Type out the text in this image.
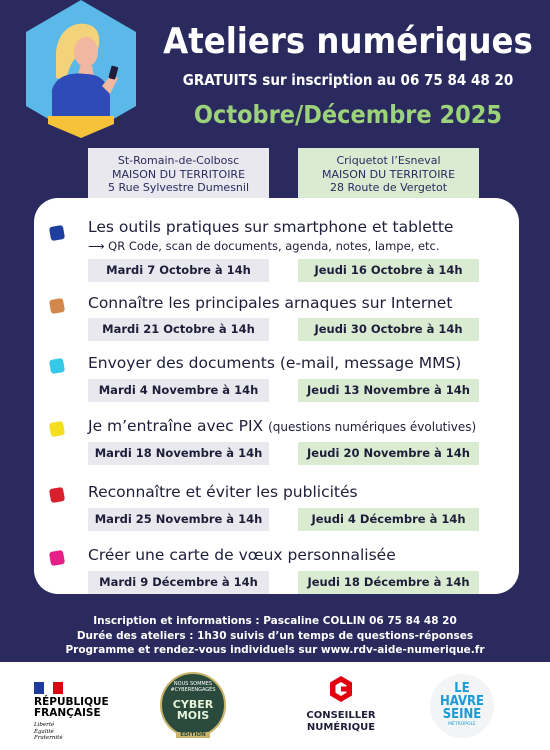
Ateliers numériques
GRATUITS sur inscription au 06 75 84 48 20
Octobre/Décembre 2025
St-Romain-de-Colbosc
MAISON DU TERRITOIRE
5 Rue Sylvestre Dumesnil
Criquetot l’Esneval
MAISON DU TERRITOIRE
28 Route de Vergetot
Les outils pratiques sur smartphone et tablette
⟶ QR Code, scan de documents, agenda, notes, lampe, etc.
Mardi 7 Octobre à 14h	Jeudi 16 Octobre à 14h
Connaître les principales arnaques sur Internet
Mardi 21 Octobre à 14h	Jeudi 30 Octobre à 14h
Envoyer des documents (e-mail, message MMS)
Mardi 4 Novembre à 14h	Jeudi 13 Novembre à 14h
Je m’entraîne avec PIX (questions numériques évolutives)
Mardi 18 Novembre à 14h	Jeudi 20 Novembre à 14h
Reconnaître et éviter les publicités
Mardi 25 Novembre à 14h	Jeudi 4 Décembre à 14h
Créer une carte de vœux personnalisée
Mardi 9 Décembre à 14h	Jeudi 18 Décembre à 14h
Inscription et informations : Pascaline COLLIN 06 75 84 48 20
Durée des ateliers : 1h30 suivis d’un temps de questions-réponses
Programme et rendez-vous individuels sur www.rdv-aide-numerique.fr
RÉPUBLIQUE
FRANÇAISE
Liberté
Égalité
Fraternité
NOUS SOMMES #CYBERENGAGÉS
CYBER
MOIS
ÉDITION
2025
CONSEILLER
NUMÉRIQUE
LE
HAVRE
SEINE
MÉTROPOLE
